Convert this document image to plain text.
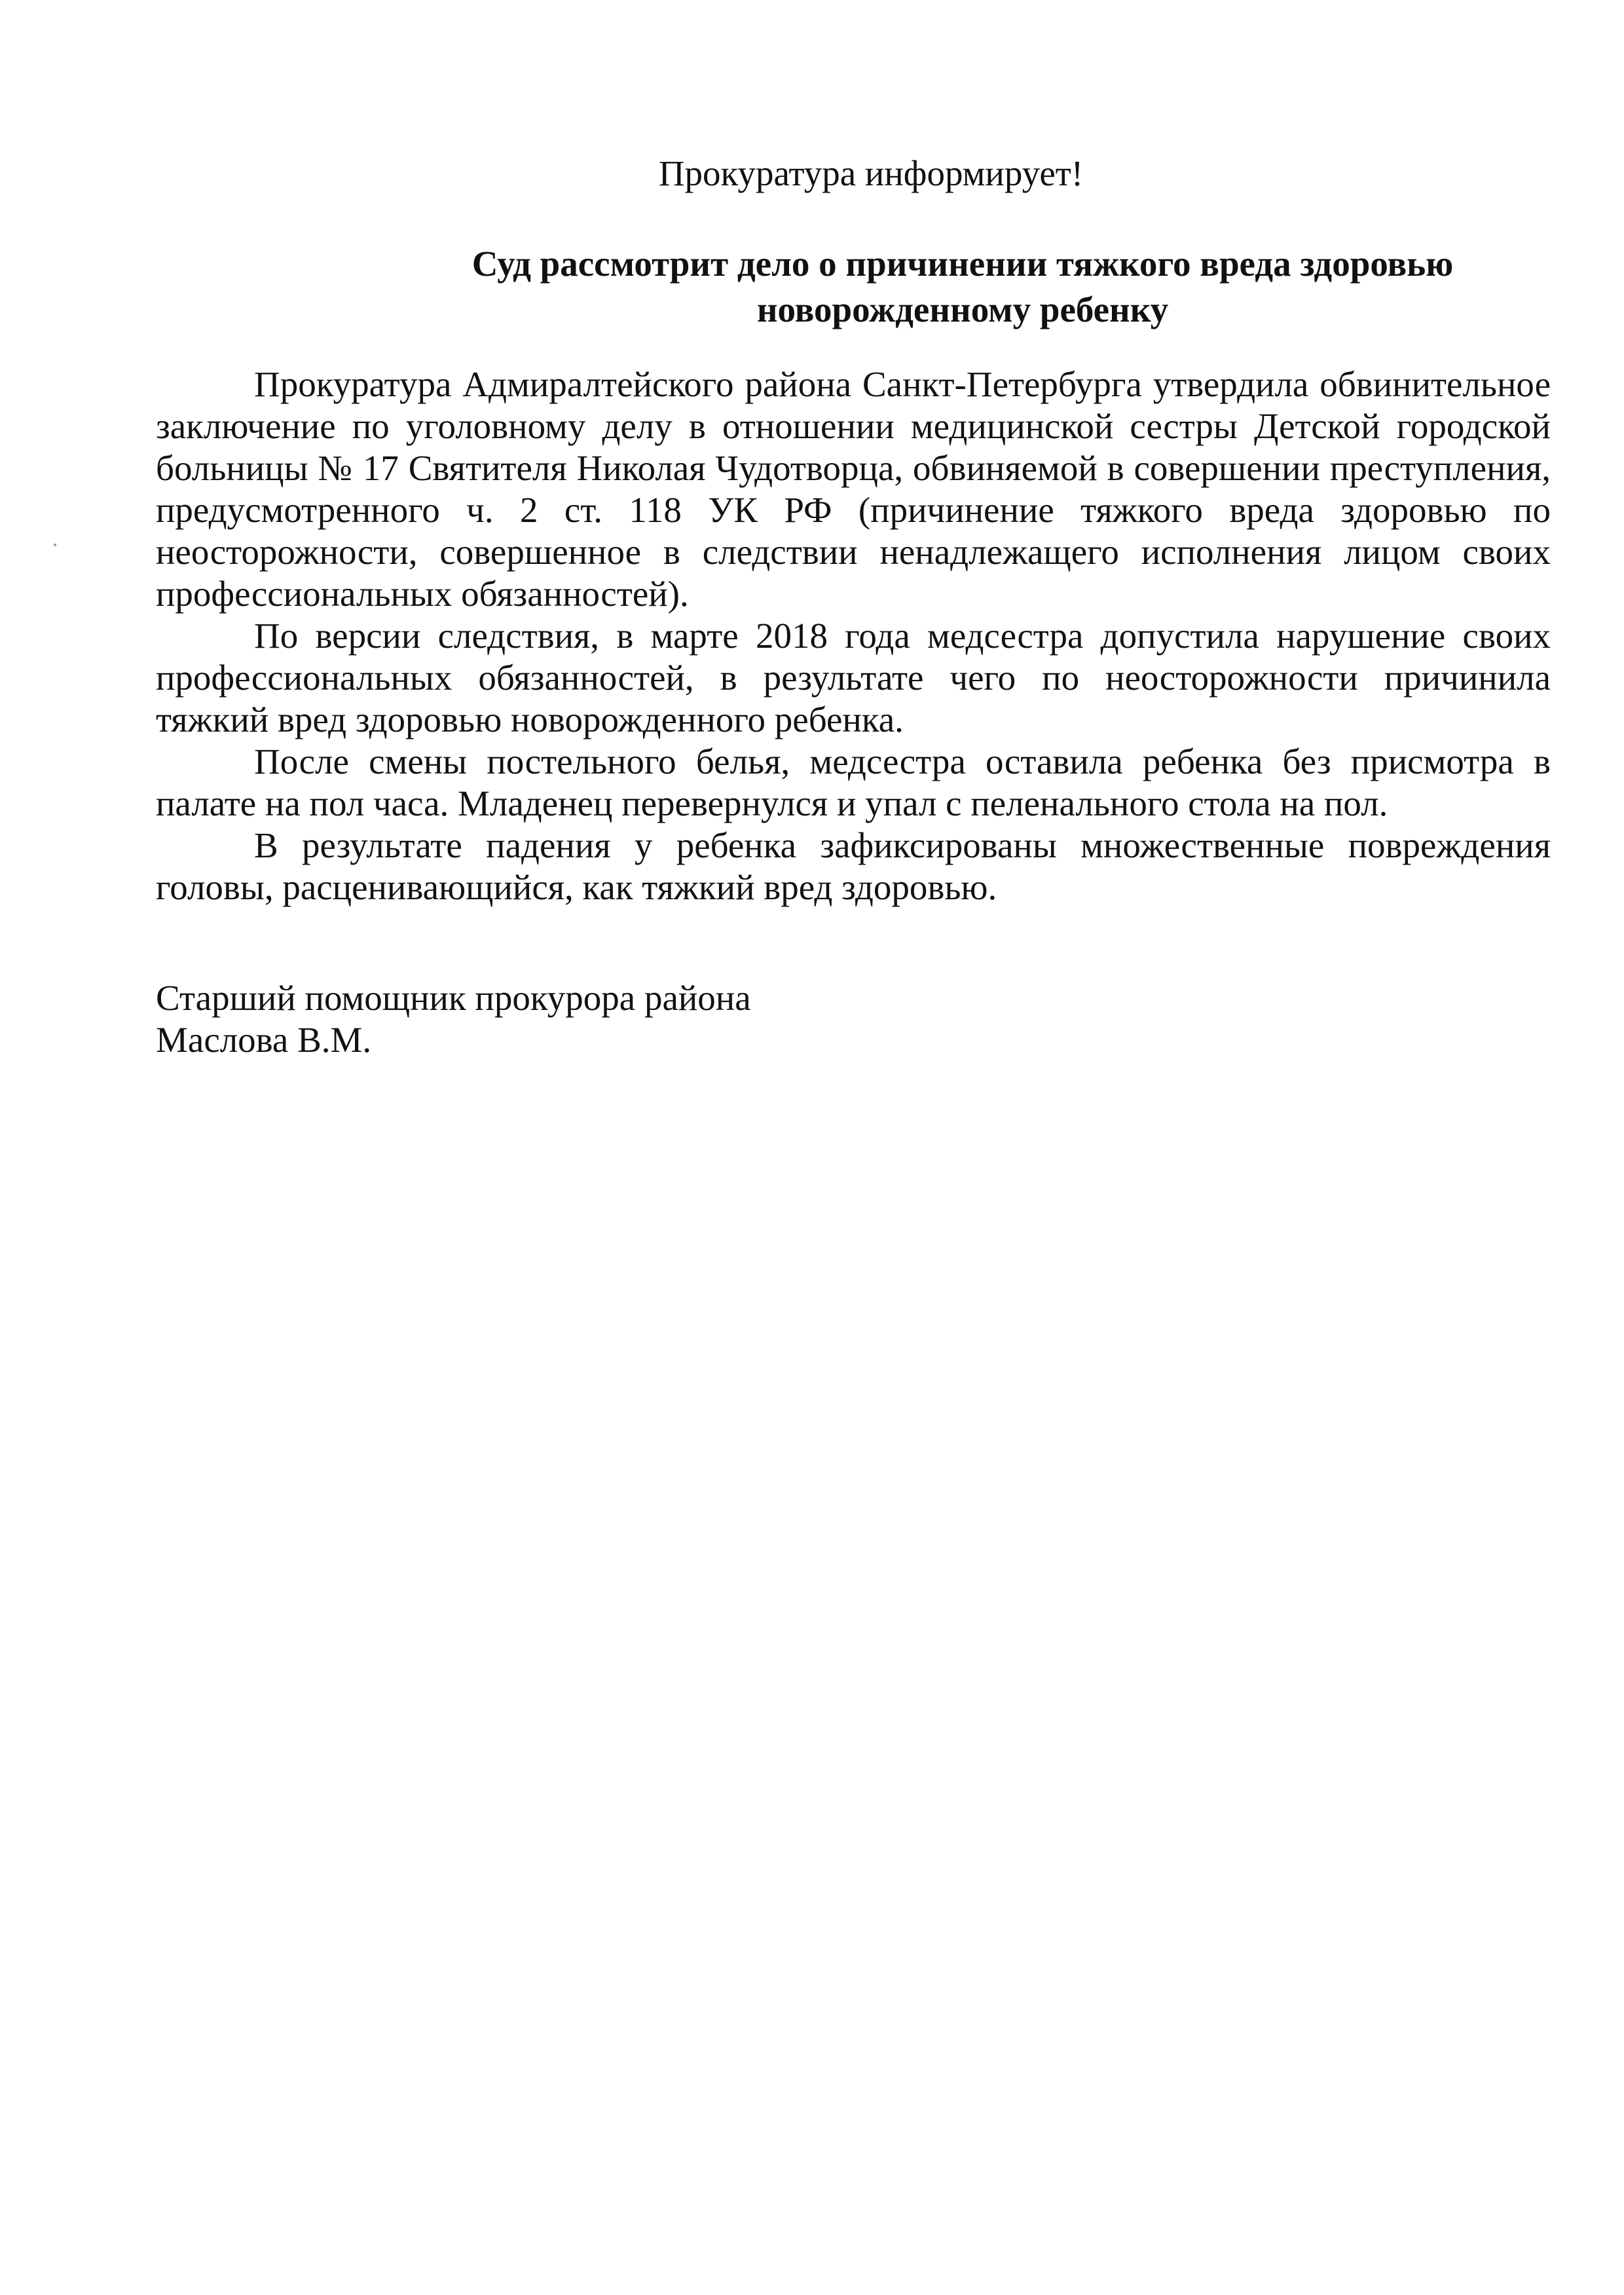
Прокуратура информирует!
Суд рассмотрит дело о причинении тяжкого вреда здоровью
новорожденному ребенку

Прокуратура Адмиралтейского района Санкт-Петербурга утвердила обвинительное заключение по уголовному делу в отношении медицинской сестры Детской городской больницы № 17 Святителя Николая Чудотворца, обвиняемой в совершении преступления, предусмотренного ч. 2 ст. 118 УК РФ (причинение тяжкого вреда здоровью по неосторожности, совершенное в следствии ненадлежащего исполнения лицом своих профессиональных обязанностей).

По версии следствия, в марте 2018 года медсестра допустила нарушение своих профессиональных обязанностей, в результате чего по неосторожности причинила тяжкий вред здоровью новорожденного ребенка.

После смены постельного белья, медсестра оставила ребенка без присмотра в палате на пол часа. Младенец перевернулся и упал с пеленального стола на пол.

В результате падения у ребенка зафиксированы множественные повреждения головы, расценивающийся, как тяжкий вред здоровью.

Старший помощник прокурора района
Маслова В.М.
